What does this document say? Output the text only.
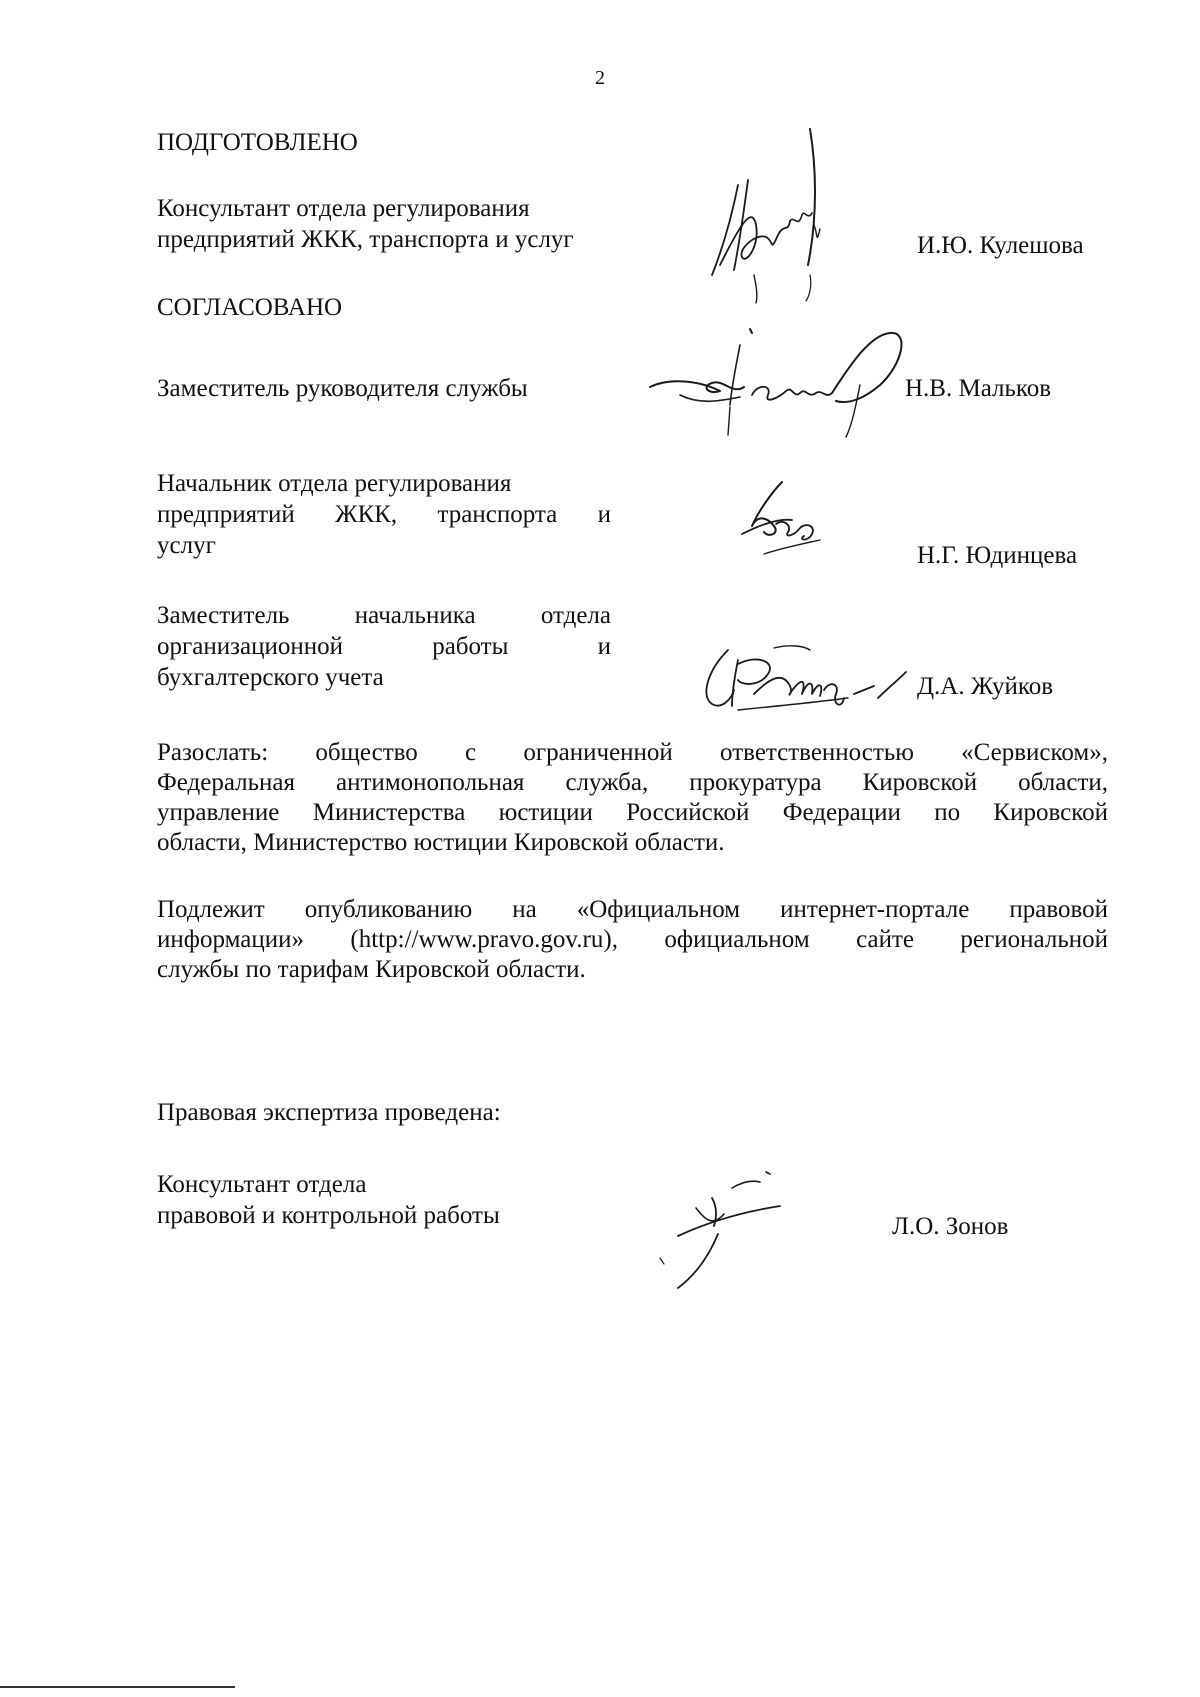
2
ПОДГОТОВЛЕНО
Консультант отдела регулирования
предприятий ЖКК, транспорта и услуг	И.Ю. Кулешова
СОГЛАСОВАНО
Заместитель руководителя службы	Н.В. Мальков
Начальник отдела регулирования
предприятий ЖКК, транспорта и
услуг	Н.Г. Юдинцева
Заместитель начальника отдела
организационной работы и
бухгалтерского учета	Д.А. Жуйков
Разослать: общество с ограниченной ответственностью «Сервиском»,
Федеральная антимонопольная служба, прокуратура Кировской области,
управление Министерства юстиции Российской Федерации по Кировской
области, Министерство юстиции Кировской области.
Подлежит опубликованию на «Официальном интернет-портале правовой
информации» (http://www.pravo.gov.ru), официальном сайте региональной
службы по тарифам Кировской области.
Правовая экспертиза проведена:
Консультант отдела
правовой и контрольной работы	Л.О. Зонов
